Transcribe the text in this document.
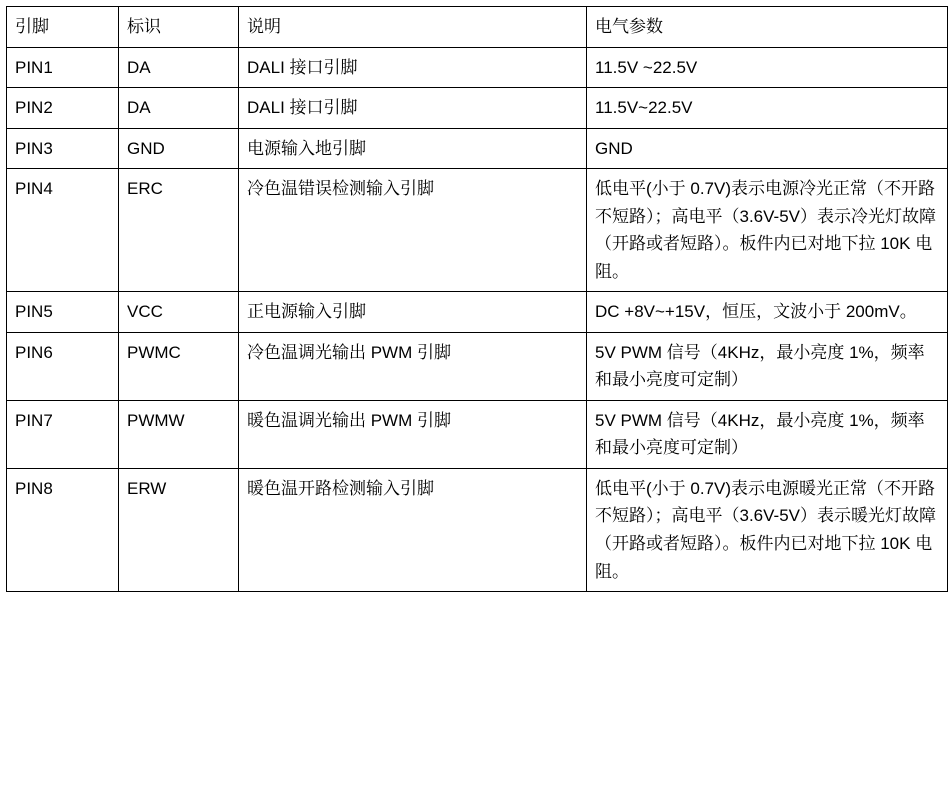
引脚	标识	说明	电气参数
PIN1	DA	DALI 接口引脚	11.5V ~22.5V
PIN2	DA	DALI 接口引脚	11.5V~22.5V
PIN3	GND	电源输入地引脚	GND
PIN4	ERC	冷色温错误检测输入引脚	低电平(小于 0.7V)表示电源冷光正常（不开路不短路）；高电平（3.6V-5V）表示冷光灯故障（开路或者短路）。板件内已对地下拉 10K 电阻。
PIN5	VCC	正电源输入引脚	DC +8V~+15V，恒压，文波小于 200mV。
PIN6	PWMC	冷色温调光输出 PWM 引脚	5V PWM 信号（4KHz，最小亮度 1%，频率和最小亮度可定制）
PIN7	PWMW	暖色温调光输出 PWM 引脚	5V PWM 信号（4KHz，最小亮度 1%，频率和最小亮度可定制）
PIN8	ERW	暖色温开路检测输入引脚	低电平(小于 0.7V)表示电源暖光正常（不开路不短路）；高电平（3.6V-5V）表示暖光灯故障（开路或者短路）。板件内已对地下拉 10K 电阻。
